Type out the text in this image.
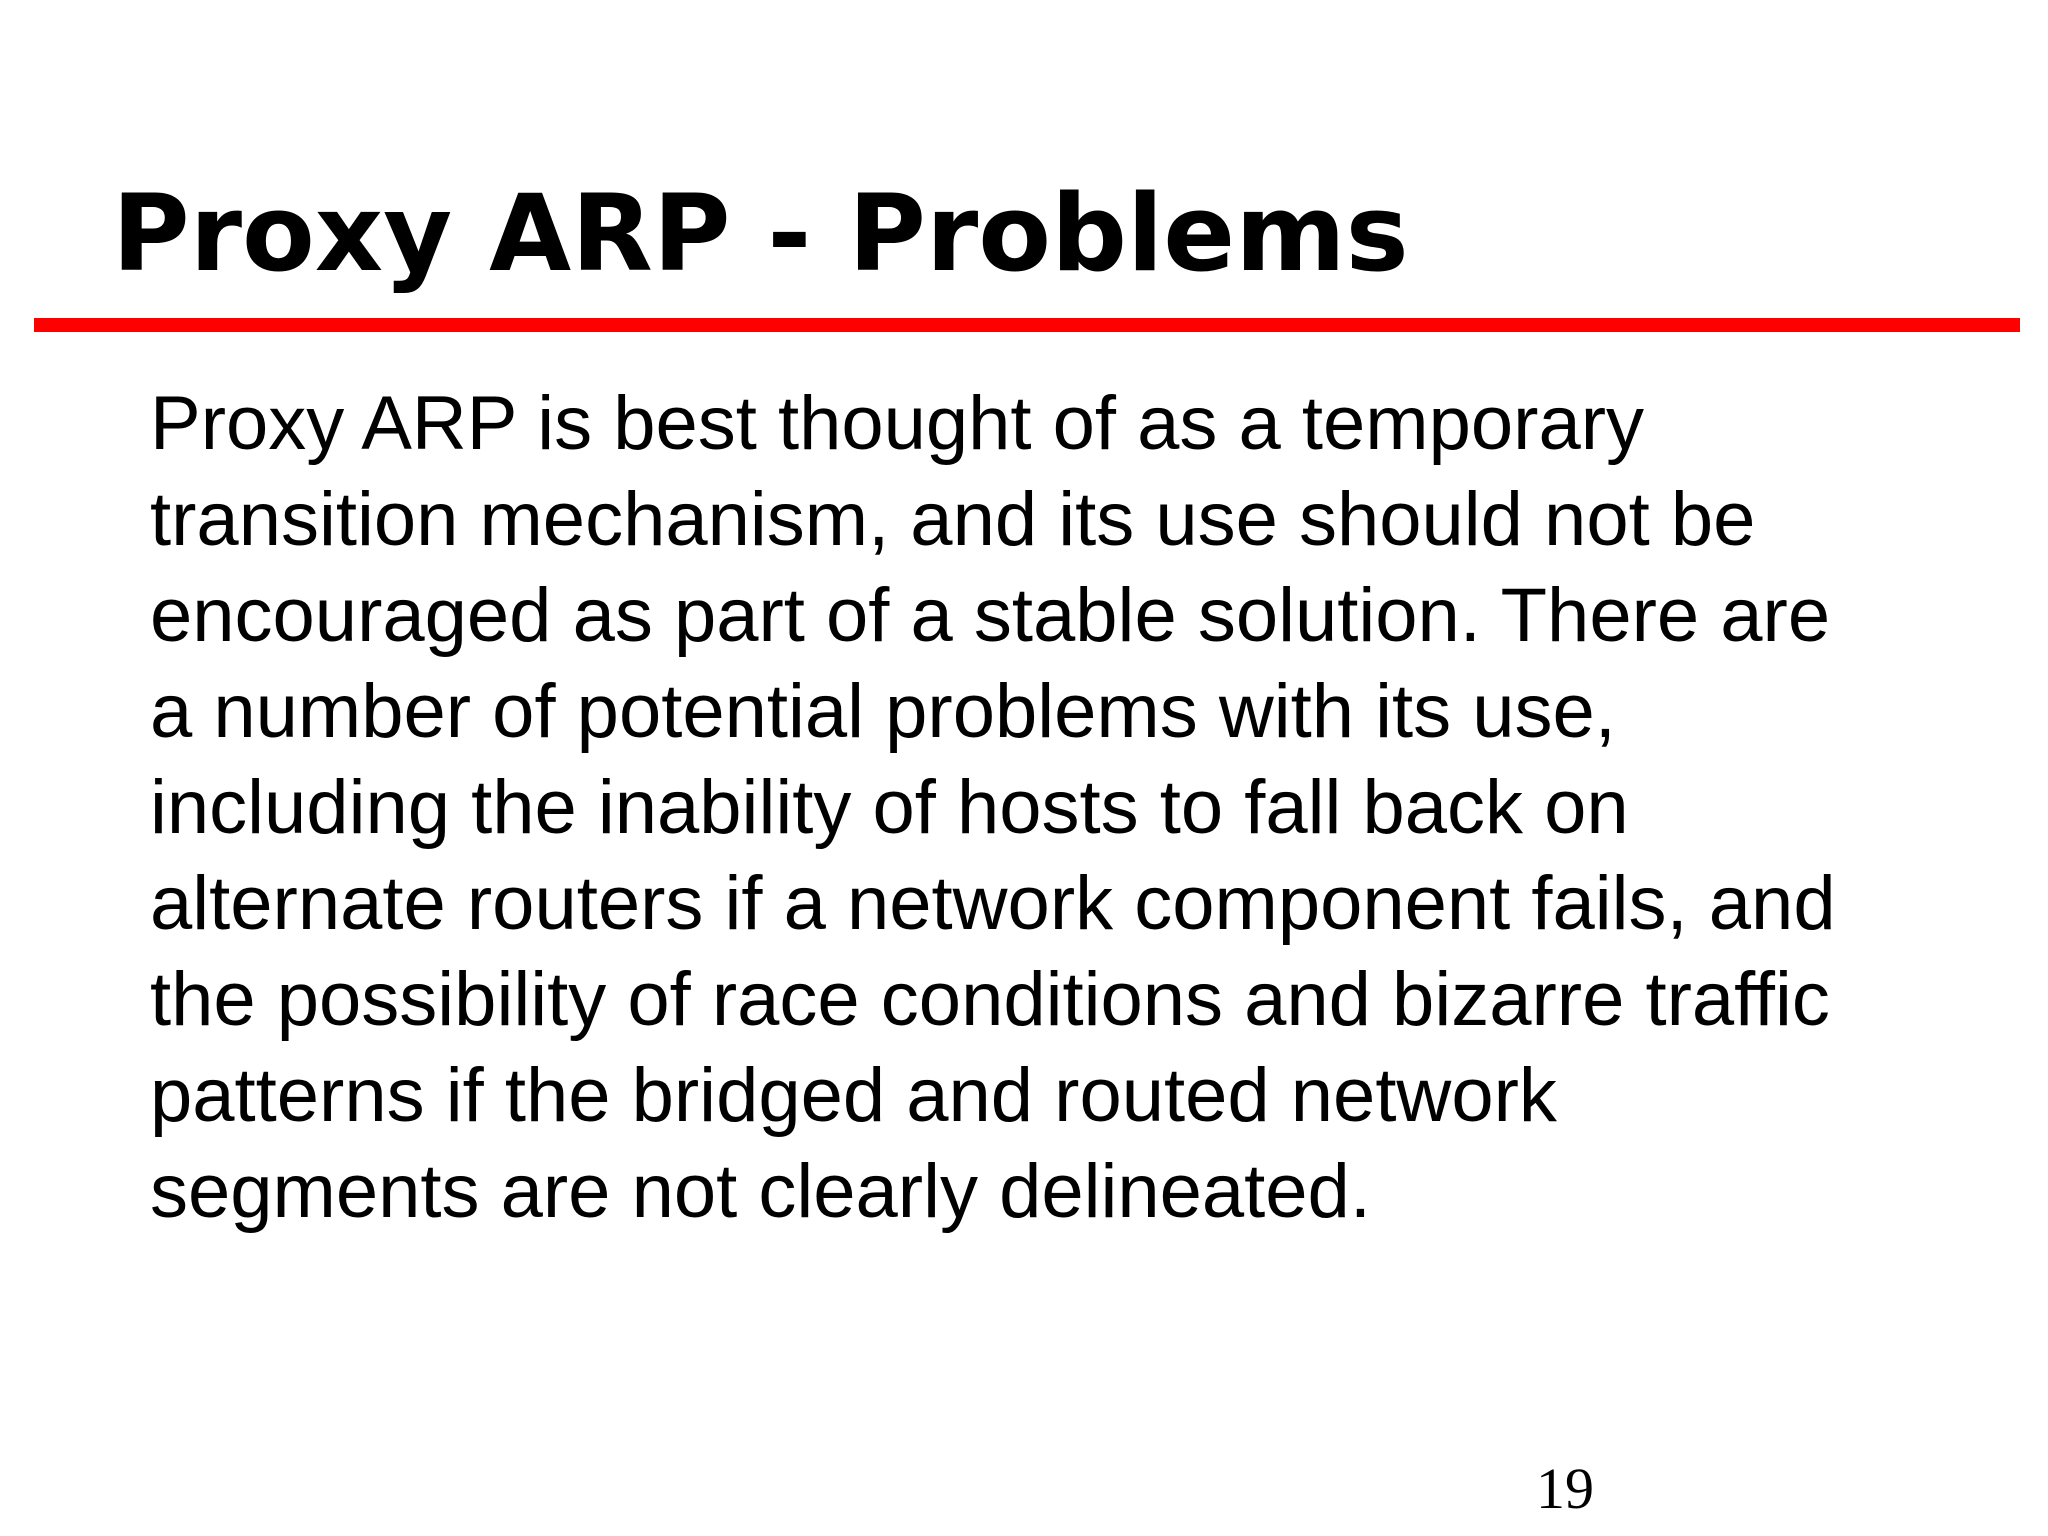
Proxy ARP - Problems
Proxy ARP is best thought of as a temporary
transition mechanism, and its use should not be
encouraged as part of a stable solution. There are
a number of potential problems with its use,
including the inability of hosts to fall back on
alternate routers if a network component fails, and
the possibility of race conditions and bizarre traffic
patterns if the bridged and routed network
segments are not clearly delineated.
19
